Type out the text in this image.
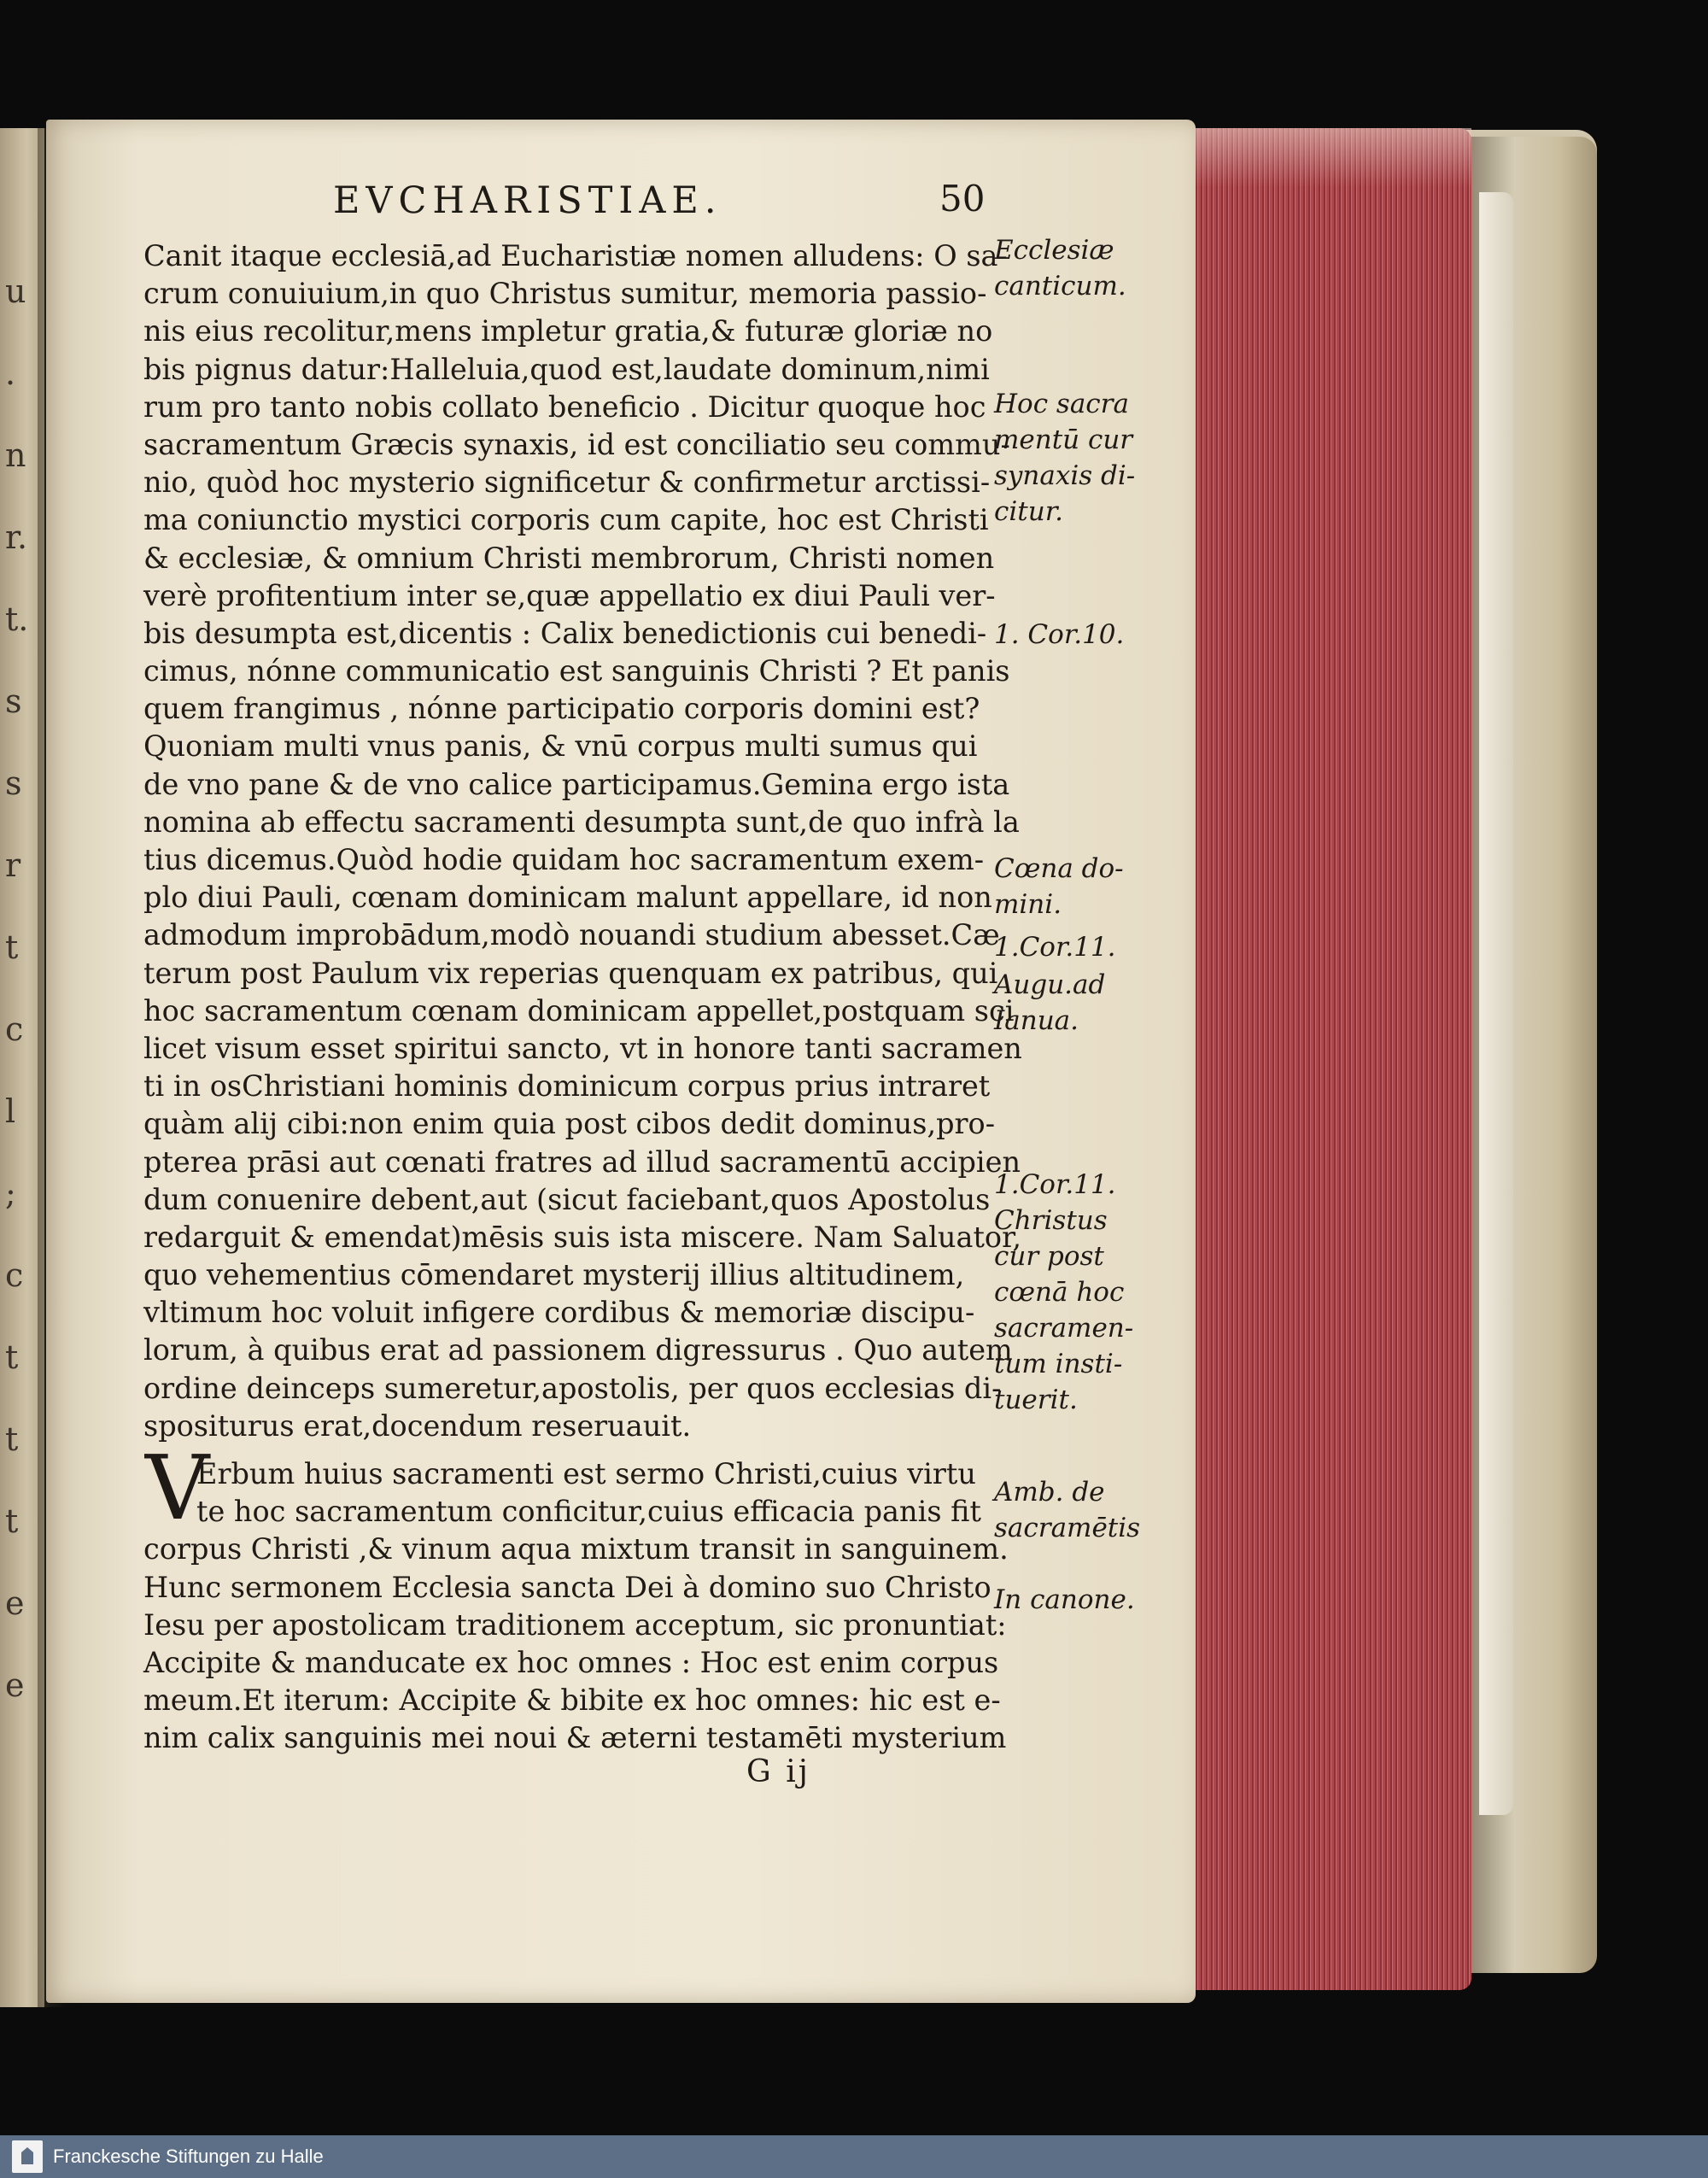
u
.
n
r.
t.
s
s
r
t
c
l
;
c
t
t
t
e
e
EVCHARISTIAE.	50
Canit itaque ecclesiā,ad Eucharistiæ nomen alludens: O sa-
crum conuiuium,in quo Christus sumitur, memoria passio-
nis eius recolitur,mens impletur gratia,& futuræ gloriæ no
bis pignus datur:Halleluia,quod est,laudate dominum,nimi
rum pro tanto nobis collato beneficio . Dicitur quoque hoc
sacramentum Græcis synaxis, id est conciliatio seu commu-
nio, quòd hoc mysterio significetur & confirmetur arctissi-
ma coniunctio mystici corporis cum capite, hoc est Christi
& ecclesiæ, & omnium Christi membrorum, Christi nomen
verè profitentium inter se,quæ appellatio ex diui Pauli ver-
bis desumpta est,dicentis : Calix benedictionis cui benedi-
cimus, nónne communicatio est sanguinis Christi ? Et panis
quem frangimus , nónne participatio corporis domini est?
Quoniam multi vnus panis, & vnū corpus multi sumus qui
de vno pane & de vno calice participamus.Gemina ergo ista
nomina ab effectu sacramenti desumpta sunt,de quo infrà la
tius dicemus.Quòd hodie quidam hoc sacramentum exem-
plo diui Pauli, cœnam dominicam malunt appellare, id non
admodum improbādum,modò nouandi studium abesset.Cæ
terum post Paulum vix reperias quenquam ex patribus, qui
hoc sacramentum cœnam dominicam appellet,postquam sci
licet visum esset spiritui sancto, vt in honore tanti sacramen
ti in osChristiani hominis dominicum corpus prius intraret
quàm alij cibi:non enim quia post cibos dedit dominus,pro-
pterea prāsi aut cœnati fratres ad illud sacramentū accipien
dum conuenire debent,aut (sicut faciebant,quos Apostolus
redarguit & emendat)mēsis suis ista miscere. Nam Saluator,
quo vehementius cōmendaret mysterij illius altitudinem,
vltimum hoc voluit infigere cordibus & memoriæ discipu-
lorum, à quibus erat ad passionem digressurus . Quo autem
ordine deinceps sumeretur,apostolis, per quos ecclesias di-
spositurus erat,docendum reseruauit.
Erbum huius sacramenti est sermo Christi,cuius virtu
te hoc sacramentum conficitur,cuius efficacia panis fit
corpus Christi ,& vinum aqua mixtum transit in sanguinem.
Hunc sermonem Ecclesia sancta Dei à domino suo Christo
Iesu per apostolicam traditionem acceptum, sic pronuntiat:
Accipite & manducate ex hoc omnes : Hoc est enim corpus
meum.Et iterum: Accipite & bibite ex hoc omnes: hic est e-
nim calix sanguinis mei noui & æterni testamēti mysterium
V
Ecclesiæ
canticum.
Hoc sacra
mentū cur
synaxis di-
citur.
1. Cor.10.
Cœna do-
mini.
1.Cor.11.
Augu.ad
Ianua.
1.Cor.11.
Christus
cur post
cœnā hoc
sacramen-
tum insti-
tuerit.
Amb. de
sacramētis
In canone.
G ij
Franckesche Stiftungen zu Halle
